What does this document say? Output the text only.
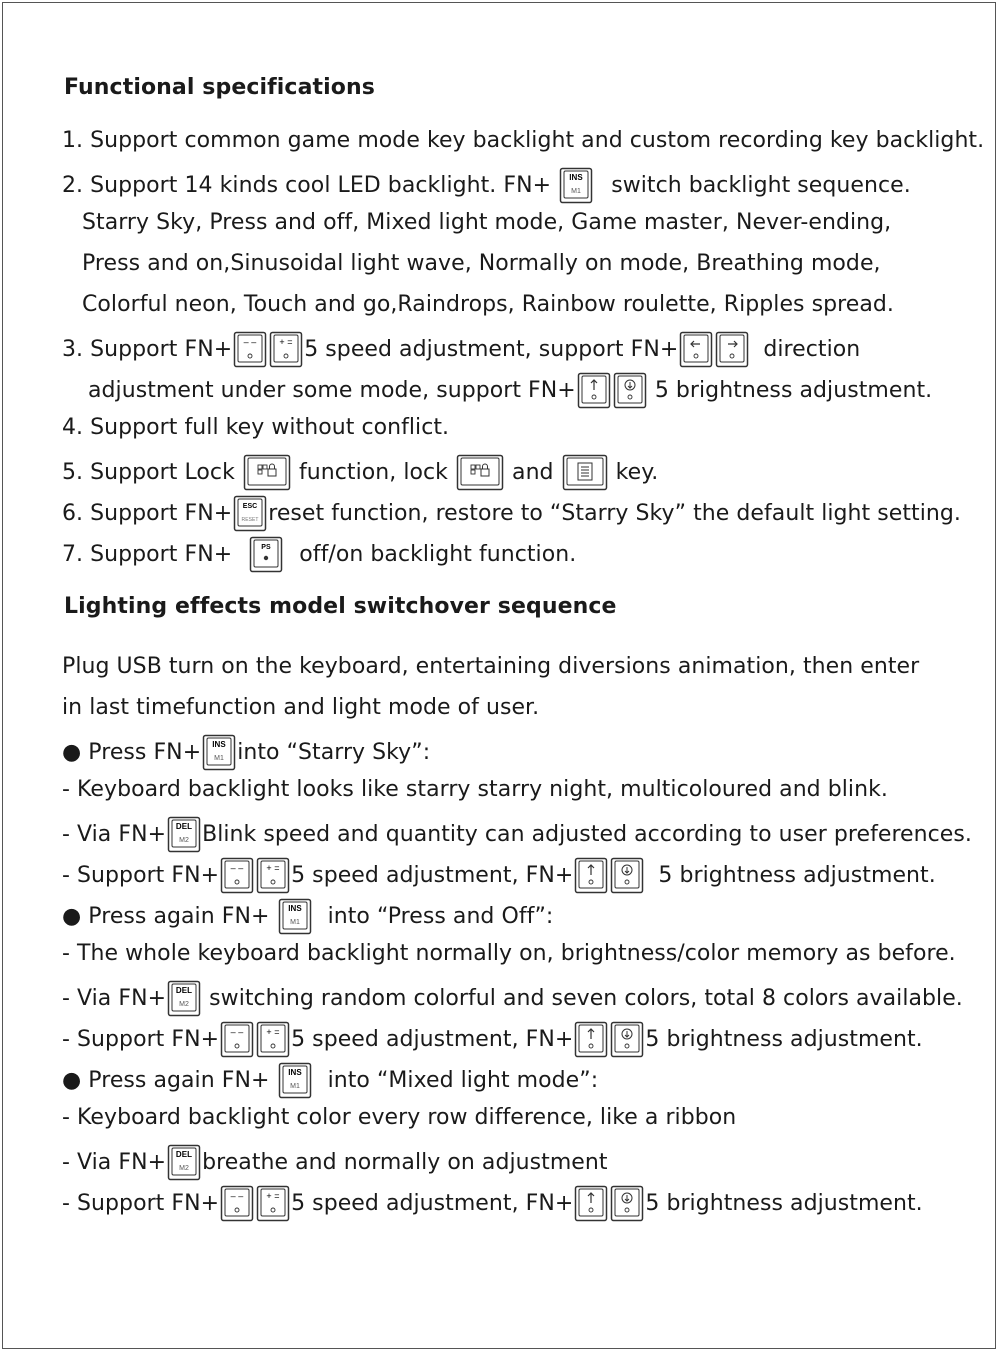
Functional specifications
1. Support common game mode key backlight and custom recording key backlight.
2. Support 14 kinds cool LED backlight. FN+ INS
M1 switch backlight sequence.
Starry Sky, Press and off, Mixed light mode, Game master, Never-ending,
Press and on,Sinusoidal light wave, Normally on mode, Breathing mode,
Colorful neon, Touch and go,Raindrops, Rainbow roulette, Ripples spread.
3. Support FN+ – –	+ = 5 speed adjustment, support FN+	direction
adjustment under some mode, support FN+	5 brightness adjustment.
4. Support full key without conflict.
5. Support Lock	function, lock	and	key.
6. Support FN+ ESC
RESET reset function, restore to “Starry Sky” the default light setting.
7. Support FN+	PS off/on backlight function.
Lighting effects model switchover sequence
Plug USB turn on the keyboard, entertaining diversions animation, then enter
in last timefunction and light mode of user.
● Press FN+ INS
M1 into “Starry Sky”:
- Keyboard backlight looks like starry starry night, multicoloured and blink.
- Via FN+ DEL
M2 Blink speed and quantity can adjusted according to user preferences.
- Support FN+ – –	+ = 5 speed adjustment, FN+	5 brightness adjustment.
● Press again FN+ INS
M1 into “Press and Off”:
- The whole keyboard backlight normally on, brightness/color memory as before.
- Via FN+ DEL
M2 switching random colorful and seven colors, total 8 colors available.
- Support FN+ – –	+ = 5 speed adjustment, FN+	5 brightness adjustment.
● Press again FN+ INS
M1 into “Mixed light mode”:
- Keyboard backlight color every row difference, like a ribbon
- Via FN+ DEL
M2 breathe and normally on adjustment
- Support FN+ – –	+ = 5 speed adjustment, FN+	5 brightness adjustment.
